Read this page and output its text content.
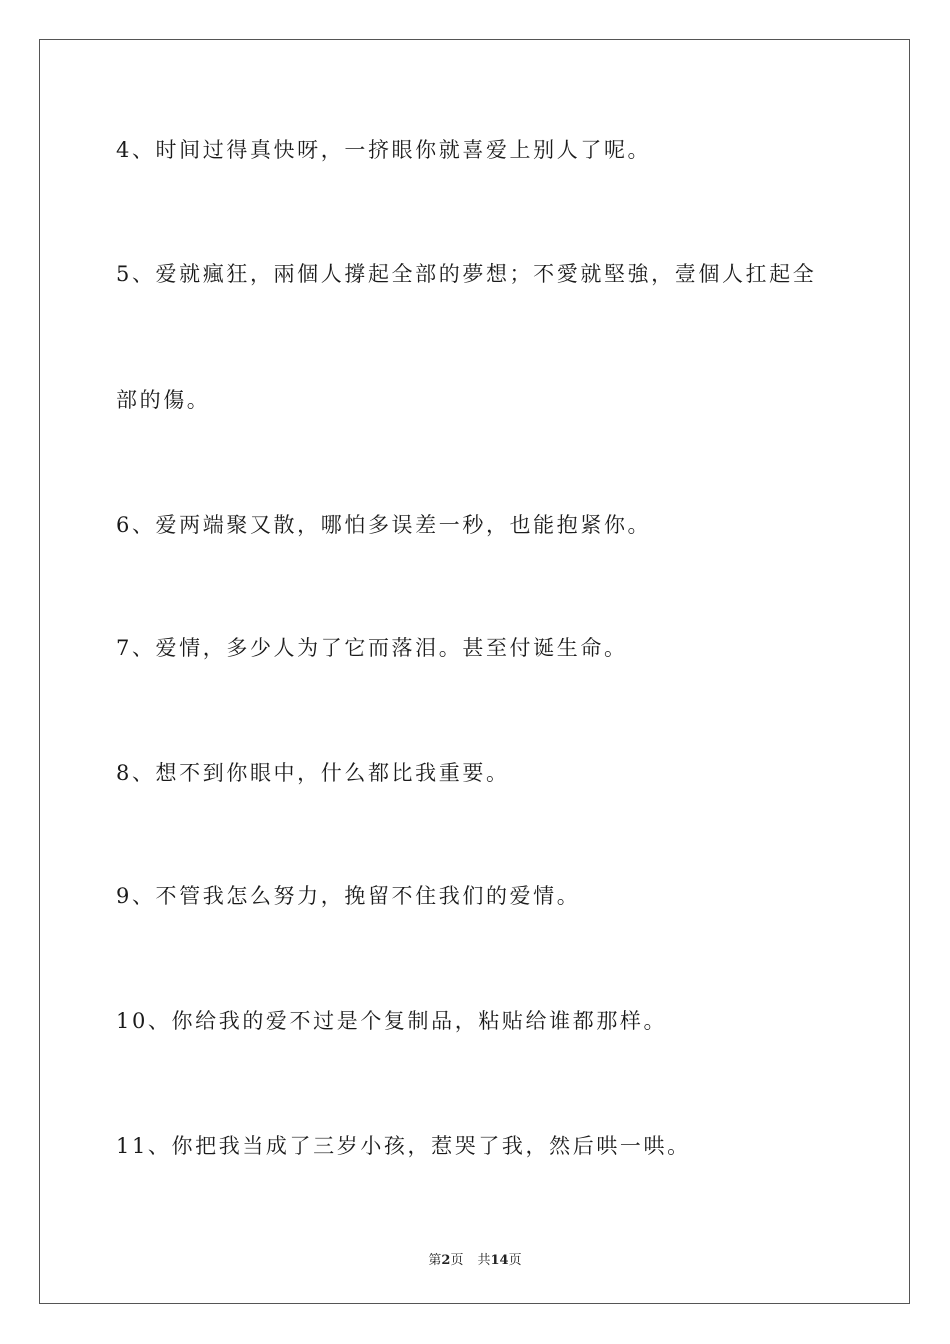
4、时间过得真快呀，一挤眼你就喜爱上别人了呢。
5、爱就瘋狂，兩個人撐起全部的夢想；不愛就堅強，壹個人扛起全
部的傷。
6、爱两端聚又散，哪怕多误差一秒，也能抱紧你。
7、爱情，多少人为了它而落泪。甚至付诞生命。
8、想不到你眼中，什么都比我重要。
9、不管我怎么努力，挽留不住我们的爱情。
10、你给我的爱不过是个复制品，粘贴给谁都那样。
11、你把我当成了三岁小孩，惹哭了我，然后哄一哄。
第2页 共14页
